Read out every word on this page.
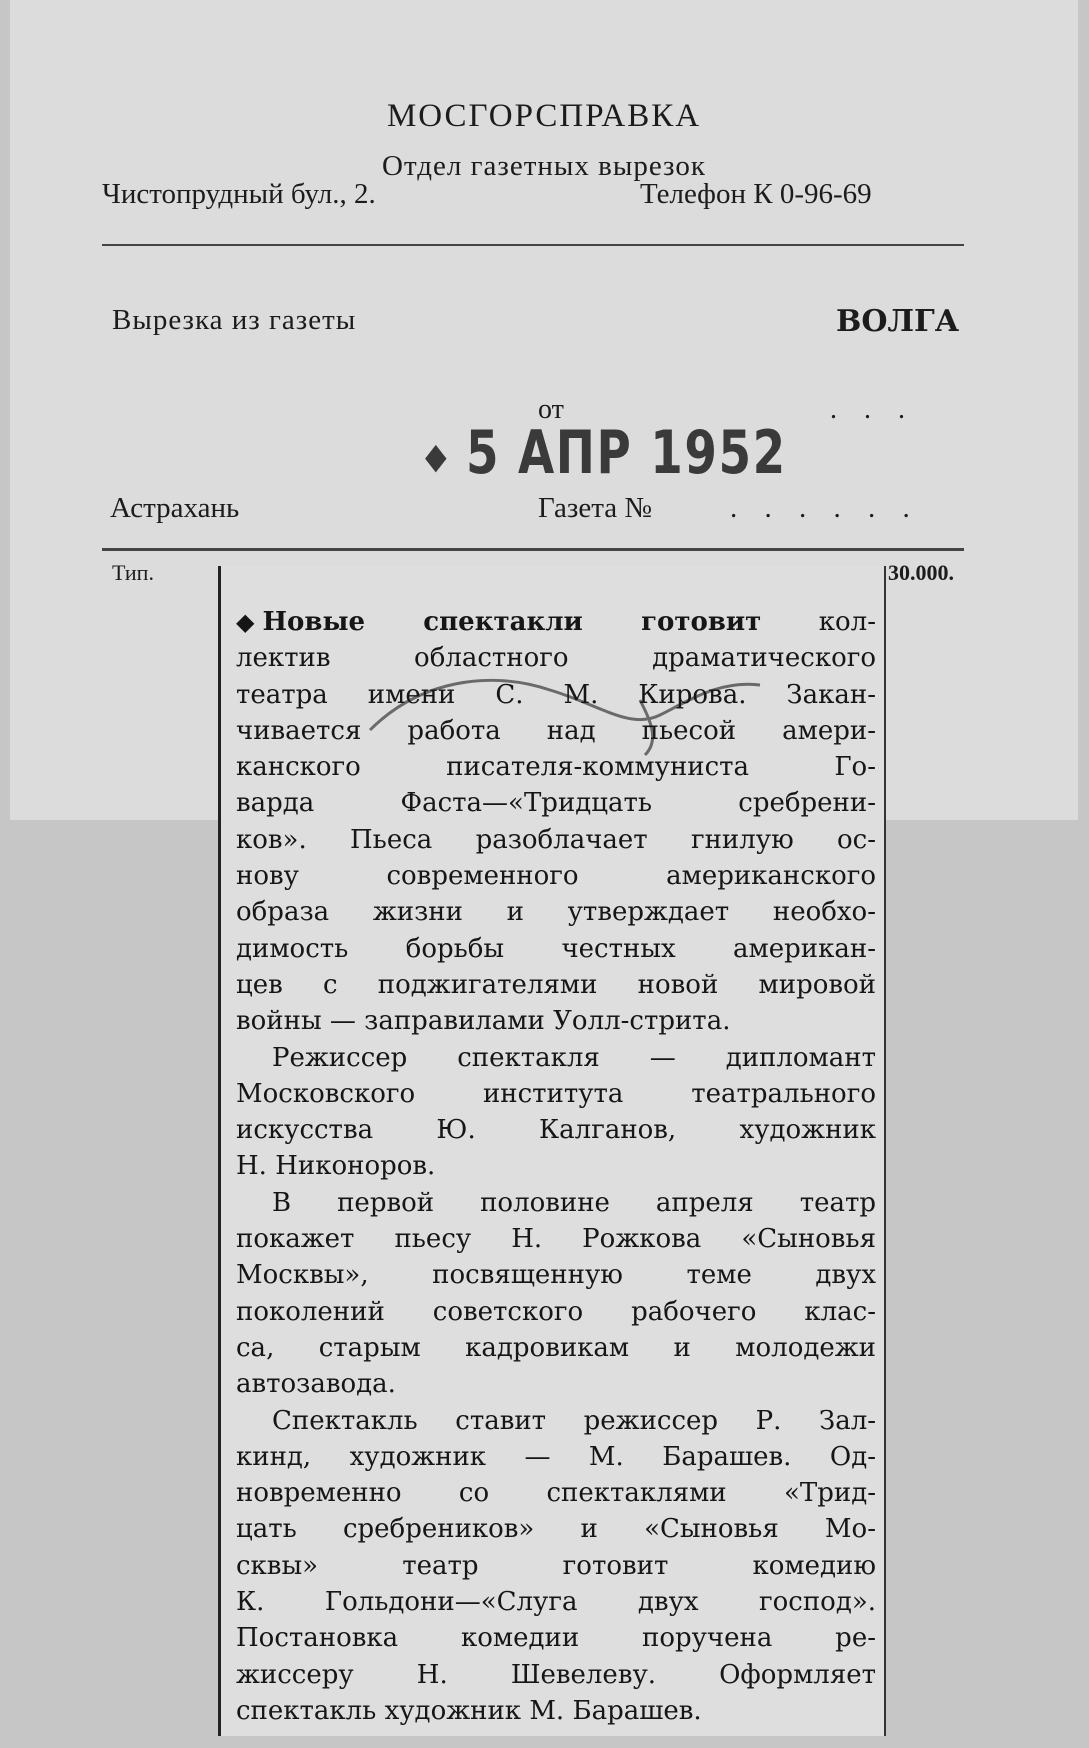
МОСГОРСПРАВКА
Отдел газетных вырезок
Чистопрудный бул., 2.	Телефон К 0-96-69
Вырезка из газеты	ВОЛГА
от	. . .
Астрахань	Газета №	. . . . . .
Тип.	30.000.
◆ 5 АПР 1952
◆ Новые спектакли готовит кол-
лектив областного драматического
театра имени С. М. Кирова. Закан-
чивается работа над пьесой амери-
канского писателя-коммуниста Го-
варда Фаста—«Тридцать сребрени-
ков». Пьеса разоблачает гнилую ос-
нову современного американского
образа жизни и утверждает необхо-
димость борьбы честных американ-
цев с поджигателями новой мировой
войны — заправилами Уолл-стрита.
Режиссер спектакля — дипломант
Московского института театрального
искусства Ю. Калганов, художник
Н. Никоноров.
В первой половине апреля театр
покажет пьесу Н. Рожкова «Сыновья
Москвы», посвященную теме двух
поколений советского рабочего клас-
са, старым кадровикам и молодежи
автозавода.
Спектакль ставит режиссер Р. Зал-
кинд, художник — М. Барашев. Од-
новременно со спектаклями «Трид-
цать сребреников» и «Сыновья Мо-
сквы» театр готовит комедию
К. Гольдони—«Слуга двух господ».
Постановка комедии поручена ре-
жиссеру Н. Шевелеву. Оформляет
спектакль художник М. Барашев.
